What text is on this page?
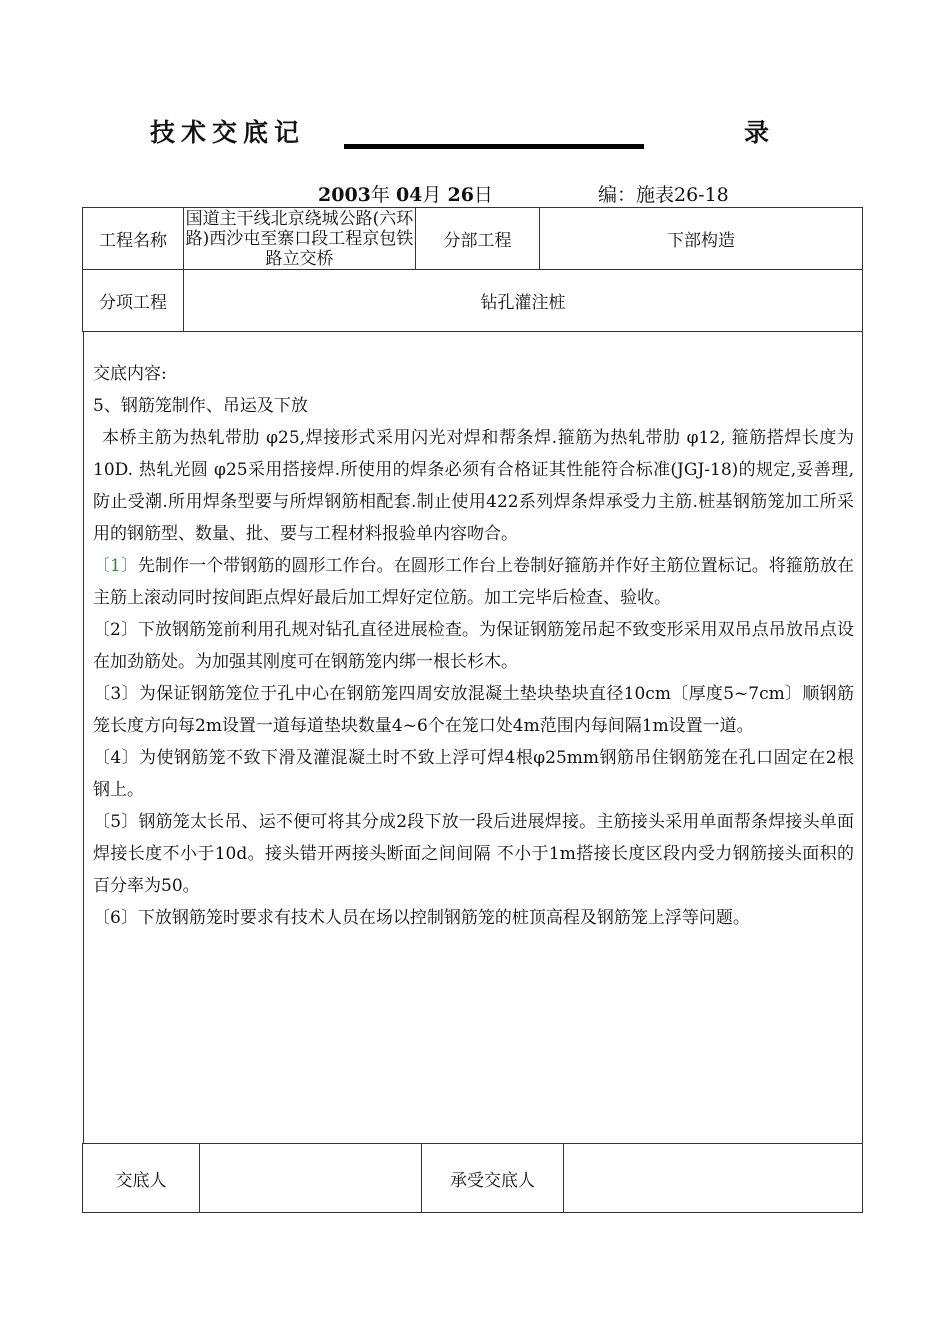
技术交底记	录
2003年 04月 26日	编：施表26-18
工程名称	国道主干线北京绕城公路(六环路)西沙屯至寨口段工程京包铁路立交桥	分部工程	下部构造
分项工程	钻孔灌注桩		

交底内容:

5、钢筋笼制作、吊运及下放

本桥主筋为热轧带肋 φ25,焊接形式采用闪光对焊和帮条焊.箍筋为热轧带肋 φ12, 箍筋搭焊长度为10D. 热轧光圆 φ25采用搭接焊.所使用的焊条必须有合格证其性能符合标准(JGJ-18)的规定,妥善理,防止受潮.所用焊条型要与所焊钢筋相配套.制止使用422系列焊条焊承受力主筋.桩基钢筋笼加工所采用的钢筋型、数量、批、要与工程材料报验单内容吻合。

〔1〕先制作一个带钢筋的圆形工作台。在圆形工作台上卷制好箍筋并作好主筋位置标记。将箍筋放在主筋上滚动同时按间距点焊好最后加工焊好定位筋。加工完毕后检查、验收。

〔2〕下放钢筋笼前利用孔规对钻孔直径进展检查。为保证钢筋笼吊起不致变形采用双吊点吊放吊点设在加劲筋处。为加强其刚度可在钢筋笼内绑一根长杉木。

〔3〕为保证钢筋笼位于孔中心在钢筋笼四周安放混凝土垫块垫块直径10cm〔厚度5~7cm〕顺钢筋笼长度方向每2m设置一道每道垫块数量4~6个在笼口处4m范围内每间隔1m设置一道。

〔4〕为使钢筋笼不致下滑及灌混凝土时不致上浮可焊4根φ25mm钢筋吊住钢筋笼在孔口固定在2根钢上。

〔5〕钢筋笼太长吊、运不便可将其分成2段下放一段后进展焊接。主筋接头采用单面帮条焊接头单面焊接长度不小于10d。接头错开两接头断面之间间隔 不小于1m搭接长度区段内受力钢筋接头面积的百分率为50。

〔6〕下放钢筋笼时要求有技术人员在场以控制钢筋笼的桩顶高程及钢筋笼上浮等问题。

交底人		承受交底人	
